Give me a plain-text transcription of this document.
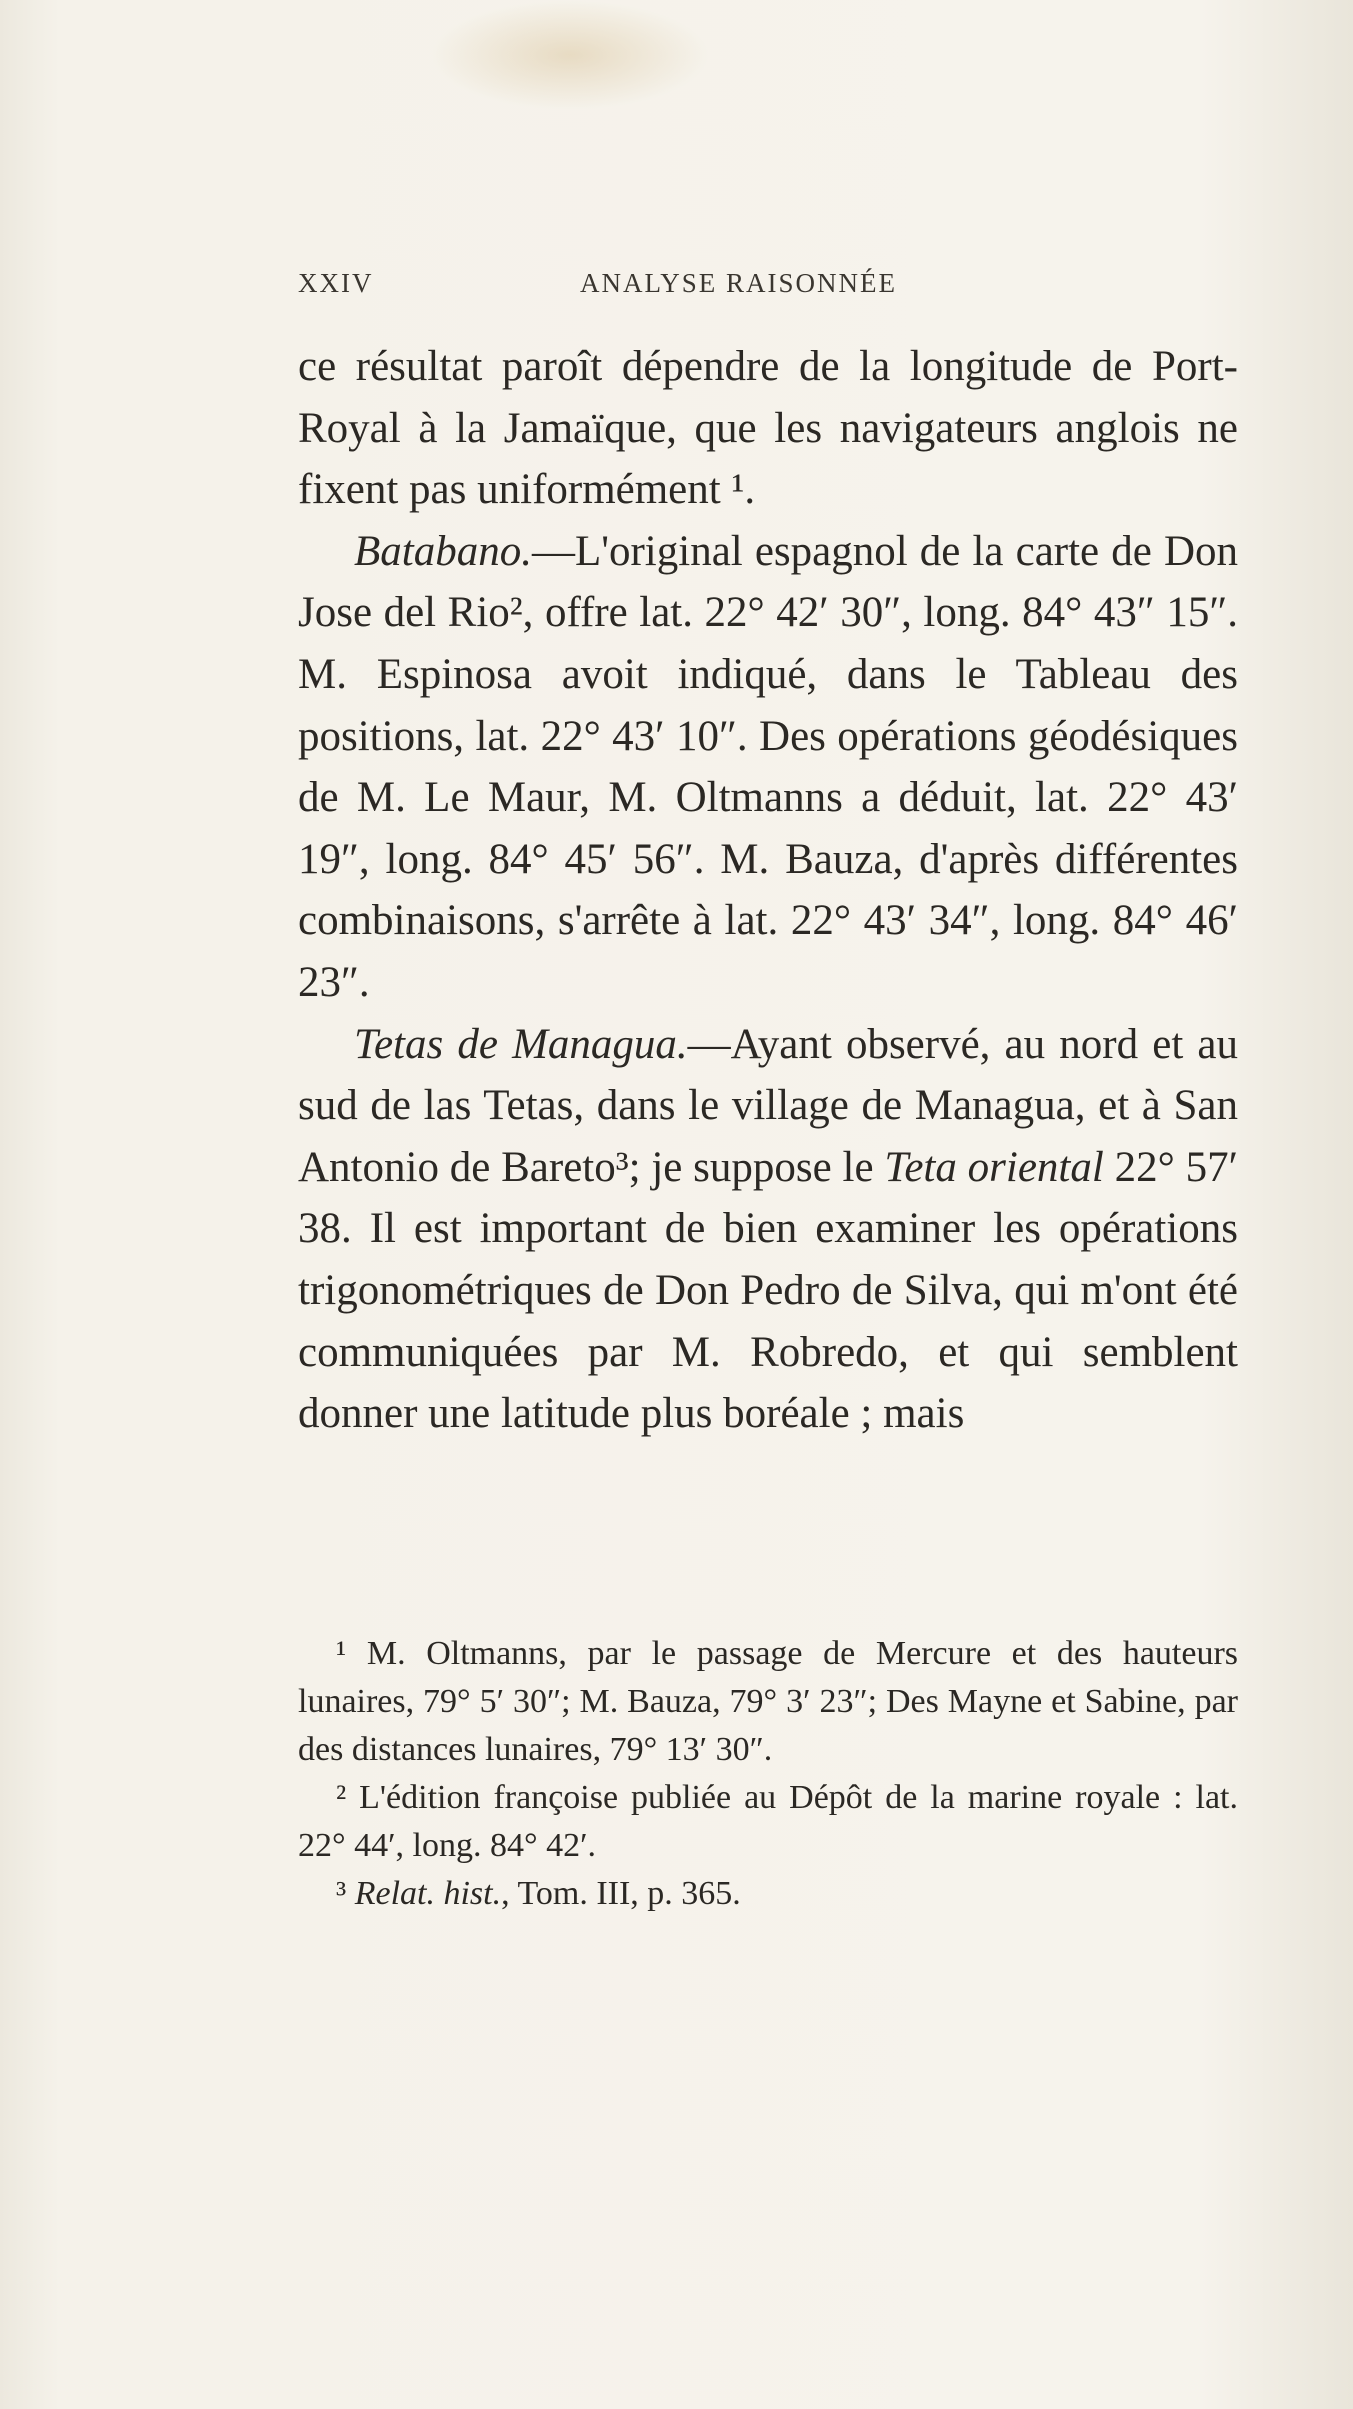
XXIV	ANALYSE RAISONNÉE

ce résultat paroît dépendre de la longitude de Port-Royal à la Jamaïque, que les navigateurs anglois ne fixent pas uniformément ¹.

Batabano.—L'original espagnol de la carte de Don Jose del Rio², offre lat. 22° 42′ 30″, long. 84° 43″ 15″. M. Espinosa avoit indiqué, dans le Tableau des positions, lat. 22° 43′ 10″. Des opérations géodésiques de M. Le Maur, M. Oltmanns a déduit, lat. 22° 43′ 19″, long. 84° 45′ 56″. M. Bauza, d'après différentes combinaisons, s'arrête à lat. 22° 43′ 34″, long. 84° 46′ 23″.

Tetas de Managua.—Ayant observé, au nord et au sud de las Tetas, dans le village de Managua, et à San Antonio de Bareto³; je suppose le Teta oriental 22° 57′ 38. Il est important de bien examiner les opérations trigonométriques de Don Pedro de Silva, qui m'ont été communiquées par M. Robredo, et qui semblent donner une latitude plus boréale ; mais

¹ M. Oltmanns, par le passage de Mercure et des hauteurs lunaires, 79° 5′ 30″; M. Bauza, 79° 3′ 23″; Des Mayne et Sabine, par des distances lunaires, 79° 13′ 30″.

² L'édition françoise publiée au Dépôt de la marine royale : lat. 22° 44′, long. 84° 42′.

³ Relat. hist., Tom. III, p. 365.
